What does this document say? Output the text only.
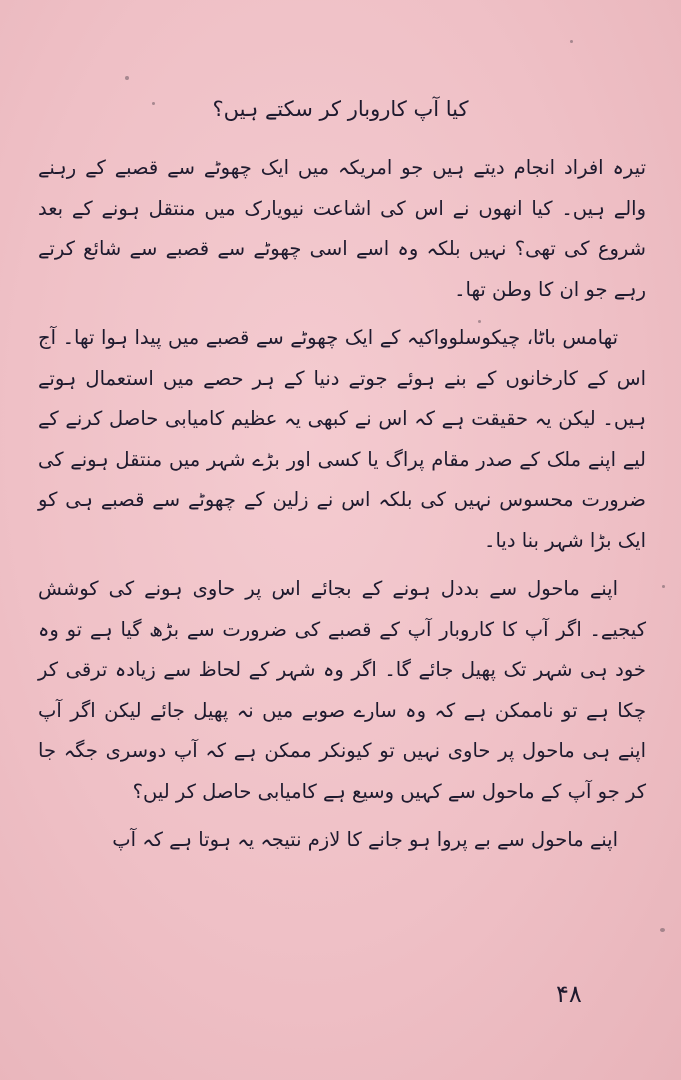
کیا آپ کاروبار کر سکتے ہیں؟

تیرہ افراد انجام دیتے ہیں جو امریکہ میں ایک چھوٹے سے قصبے کے رہنے والے ہیں۔ کیا انھوں نے اس کی اشاعت نیویارک میں منتقل ہونے کے بعد شروع کی تھی؟ نہیں بلکہ وہ اسے اسی چھوٹے سے قصبے سے شائع کرتے رہے جو ان کا وطن تھا۔

تھامس باٹا، چیکوسلوواکیہ کے ایک چھوٹے سے قصبے میں پیدا ہوا تھا۔ آج اس کے کارخانوں کے بنے ہوئے جوتے دنیا کے ہر حصے میں استعمال ہوتے ہیں۔ لیکن یہ حقیقت ہے کہ اس نے کبھی یہ عظیم کامیابی حاصل کرنے کے لیے اپنے ملک کے صدر مقام پراگ یا کسی اور بڑے شہر میں منتقل ہونے کی ضرورت محسوس نہیں کی بلکہ اس نے زلین کے چھوٹے سے قصبے ہی کو ایک بڑا شہر بنا دیا۔

اپنے ماحول سے بددل ہونے کے بجائے اس پر حاوی ہونے کی کوشش کیجیے۔ اگر آپ کا کاروبار آپ کے قصبے کی ضرورت سے بڑھ گیا ہے تو وہ خود ہی شہر تک پھیل جائے گا۔ اگر وہ شہر کے لحاظ سے زیادہ ترقی کر چکا ہے تو ناممکن ہے کہ وہ سارے صوبے میں نہ پھیل جائے لیکن اگر آپ اپنے ہی ماحول پر حاوی نہیں تو کیونکر ممکن ہے کہ آپ دوسری جگہ جا کر جو آپ کے ماحول سے کہیں وسیع ہے کامیابی حاصل کر لیں؟

اپنے ماحول سے بے پروا ہو جانے کا لازم نتیجہ یہ ہوتا ہے کہ آپ

۴۸
